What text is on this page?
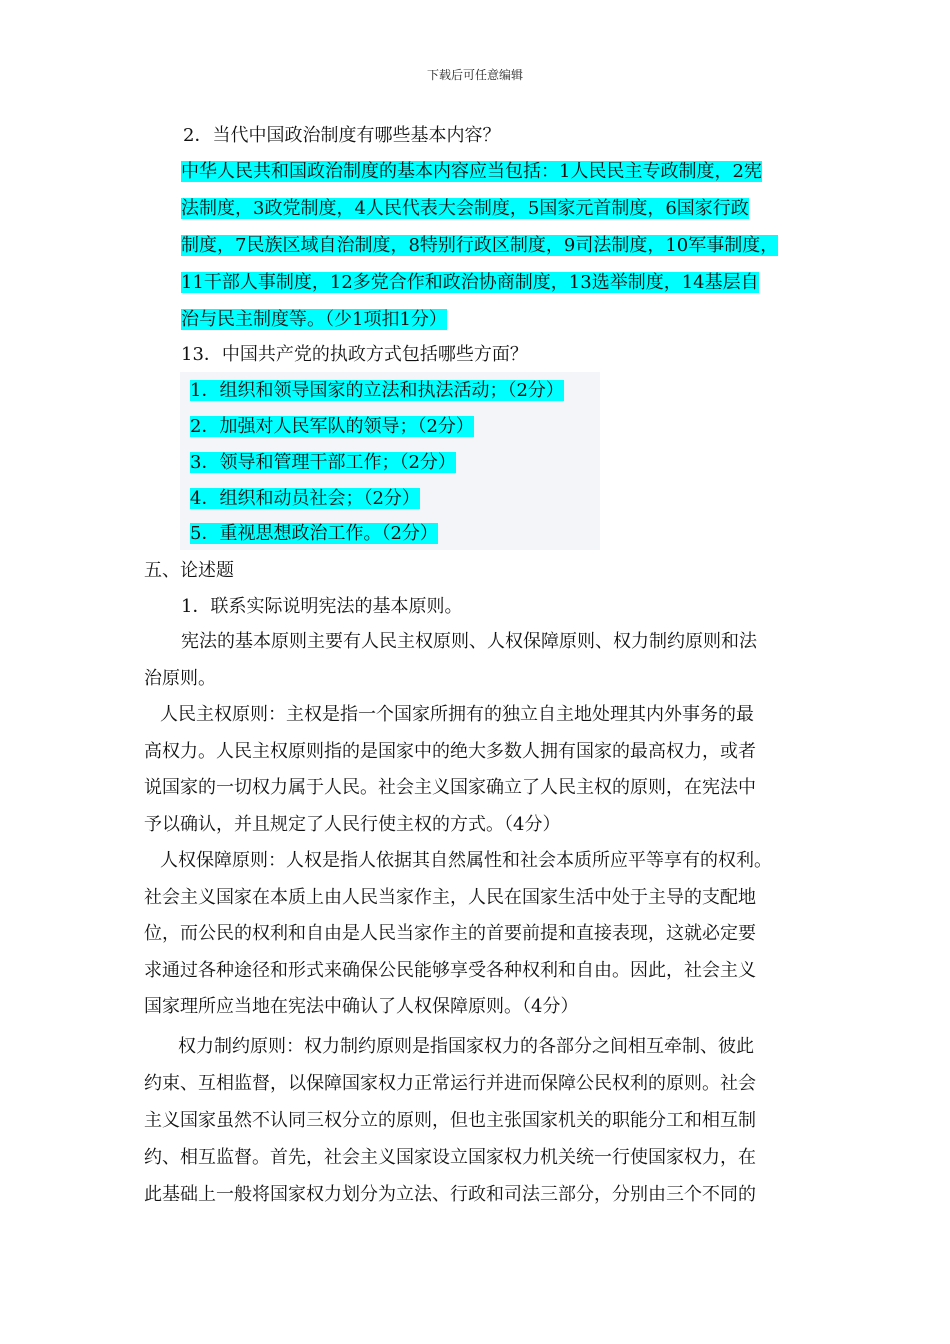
下载后可任意编辑
2．当代中国政治制度有哪些基本内容？
中华人民共和国政治制度的基本内容应当包括：1人民民主专政制度，2宪
法制度，3政党制度，4人民代表大会制度，5国家元首制度，6国家行政
制度，7民族区域自治制度，8特别行政区制度，9司法制度，10军事制度，
11干部人事制度，12多党合作和政治协商制度，13选举制度，14基层自
治与民主制度等。（少1项扣1分）
13．中国共产党的执政方式包括哪些方面？
1．组织和领导国家的立法和执法活动；（2分）
2．加强对人民军队的领导；（2分）
3．领导和管理干部工作；（2分）
4．组织和动员社会；（2分）
5．重视思想政治工作。（2分）
五、论述题
1．联系实际说明宪法的基本原则。
宪法的基本原则主要有人民主权原则、人权保障原则、权力制约原则和法
治原则。
人民主权原则：主权是指一个国家所拥有的独立自主地处理其内外事务的最
高权力。人民主权原则指的是国家中的绝大多数人拥有国家的最高权力，或者
说国家的一切权力属于人民。社会主义国家确立了人民主权的原则，在宪法中
予以确认，并且规定了人民行使主权的方式。（4分）
人权保障原则：人权是指人依据其自然属性和社会本质所应平等享有的权利。
社会主义国家在本质上由人民当家作主，人民在国家生活中处于主导的支配地
位，而公民的权利和自由是人民当家作主的首要前提和直接表现，这就必定要
求通过各种途径和形式来确保公民能够享受各种权利和自由。因此，社会主义
国家理所应当地在宪法中确认了人权保障原则。（4分）
权力制约原则：权力制约原则是指国家权力的各部分之间相互牵制、彼此
约束、互相监督，以保障国家权力正常运行并进而保障公民权利的原则。社会
主义国家虽然不认同三权分立的原则，但也主张国家机关的职能分工和相互制
约、相互监督。首先，社会主义国家设立国家权力机关统一行使国家权力，在
此基础上一般将国家权力划分为立法、行政和司法三部分，分别由三个不同的
